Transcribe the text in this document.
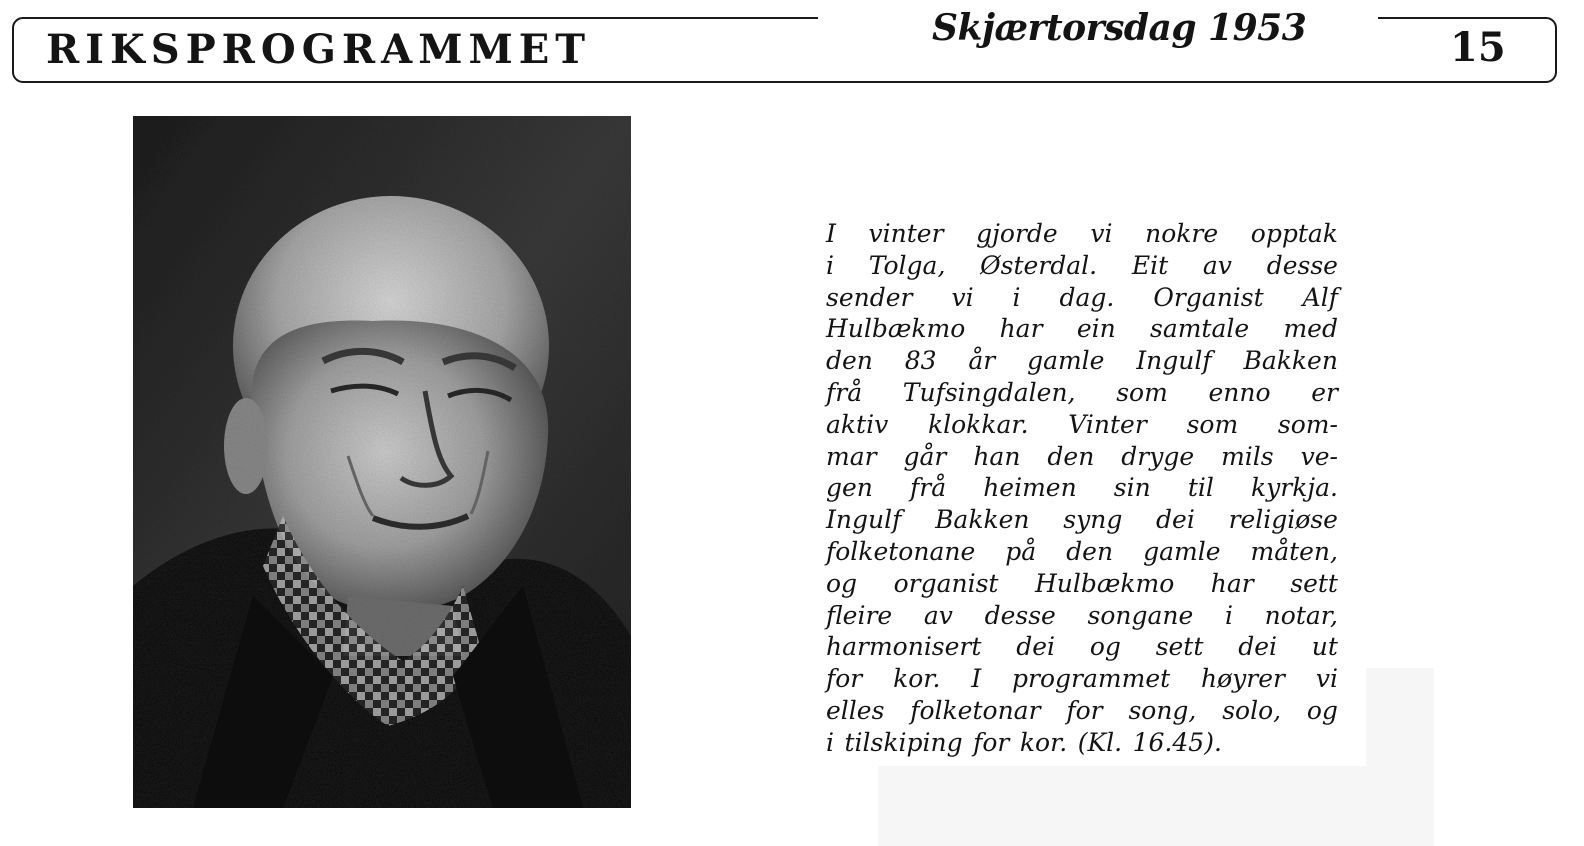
RIKSPROGRAMMET	Skjærtorsdag 1953	15
I vinter gjorde vi nokre opptak
i Tolga, Østerdal. Eit av desse
sender vi i dag. Organist Alf
Hulbækmo har ein samtale med
den 83 år gamle Ingulf Bakken
frå Tufsingdalen, som enno er
aktiv klokkar. Vinter som som-
mar går han den dryge mils ve-
gen frå heimen sin til kyrkja.
Ingulf Bakken syng dei religiøse
folketonane på den gamle måten,
og organist Hulbækmo har sett
fleire av desse songane i notar,
harmonisert dei og sett dei ut
for kor. I programmet høyrer vi
elles folketonar for song, solo, og
i tilskiping for kor. (Kl. 16.45).
